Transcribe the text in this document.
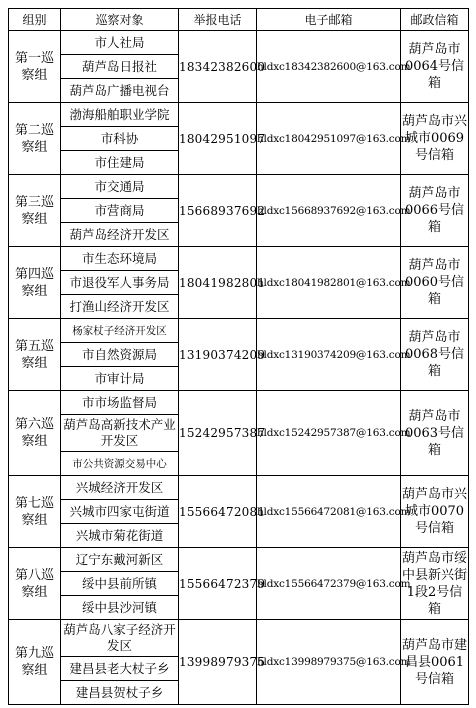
组别	巡察对象	举报电话	电子邮箱	邮政信箱
第一巡察组	市人社局	18342382600	hldxc18342382600@163.com	葫芦岛市0064号信箱
	葫芦岛日报社			
	葫芦岛广播电视台			
第二巡察组	渤海船舶职业学院	18042951097	hldxc18042951097@163.com	葫芦岛市兴城市0069号信箱
	市科协			
	市住建局			
第三巡察组	市交通局	15668937692	hldxc15668937692@163.com	葫芦岛市0066号信箱
	市营商局			
	葫芦岛经济开发区			
第四巡察组	市生态环境局	18041982801	hldxc18041982801@163.com	葫芦岛市0060号信箱
	市退役军人事务局			
	打渔山经济开发区			
第五巡察组	杨家杖子经济开发区	13190374209	hldxc13190374209@163.com	葫芦岛市0068号信箱
	市自然资源局			
	市审计局			
第六巡察组	市市场监督局	15242957387	hldxc15242957387@163.com	葫芦岛市0063号信箱
	葫芦岛高新技术产业开发区			
	市公共资源交易中心			
第七巡察组	兴城经济开发区	15566472081	hldxc15566472081@163.com	葫芦岛市兴城市0070号信箱
	兴城市四家屯街道			
	兴城市菊花街道			
第八巡察组	辽宁东戴河新区	15566472379	hldxc15566472379@163.com	葫芦岛市绥中县新兴街1段2号信箱
	绥中县前所镇			
	绥中县沙河镇			
第九巡察组	葫芦岛八家子经济开发区	13998979375	hldxc13998979375@163.com	葫芦岛市建昌县0061号信箱
	建昌县老大杖子乡			
	建昌县贺杖子乡			
